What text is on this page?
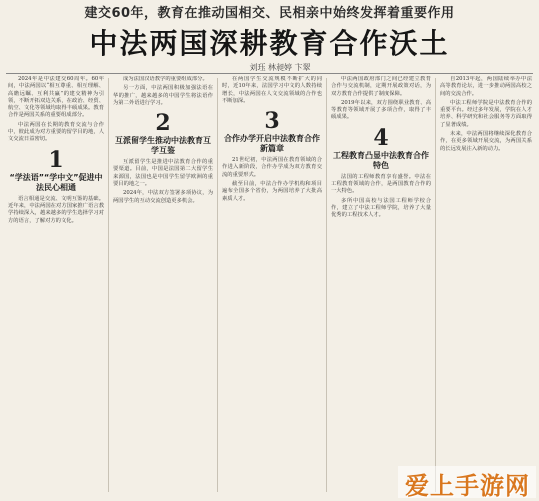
建交60年，教育在推动国相交、民相亲中始终发挥着重要作用
中法两国深耕教育合作沃土
刘珏 林昶婷 卞翠

2024年是中法建交60周年。60年间，中法两国以“相互尊重、相互理解、高瞻远瞩、互利共赢”的建交精神为引领，不断开拓双边关系，在政治、经贸、航空、文化等领域均取得丰硕成果。教育合作是两国关系的重要组成部分。

中法两国在长期的教育交流与合作中，彼此成为对方重要的留学目的地，人文交流日益密切。

1
“学法语”“学中文”促进中法民心相通

语言相通是交流、文明互鉴的基础。近年来，中法两国在对方国家推广语言教学持续深入，越来越多的学生选择学习对方的语言，了解对方的文化。

成为法国汉语教学的重要组成部分。

另一方面，中法两国积极加强法语在华的推广，越来越多的中国学生将法语作为第二外语进行学习。

2
互派留学生推动中法教育互学互鉴

互派留学生是推进中法教育合作的重要渠道。目前，中国是法国第二大留学生来源国，法国也是中国学生留学欧洲的重要目的地之一。

2024年，中法双方签署多项协议，为两国学生的互动交流创造更多机会。

在两国学生交流规模不断扩大的同时，近10年来，法国学习中文的人数持续增长，中法两国在人文交流领域的合作也不断加深。

3
合作办学开启中法教育合作新篇章

21世纪初，中法两国在教育领域的合作进入新阶段，合作办学成为双方教育交流的重要形式。

截至目前，中法合作办学机构和项目遍布全国多个省份，为两国培养了大批高素质人才。

中法两国政府部门之间已经建立教育合作与交流机制，定期开展政策对话，为双方教育合作提供了制度保障。

2019年以来，双方围绕职业教育、高等教育等领域开展了多项合作，取得了丰硕成果。

4
工程教育凸显中法教育合作特色

法国的工程师教育享有盛誉。中法在工程教育领域的合作，是两国教育合作的一大特色。

多所中国高校与法国工程师学校合作，建立了中法工程师学院，培养了大量优秀的工程技术人才。

自2013年起，两国陆续举办中法高等教育论坛，进一步推动两国高校之间的交流合作。

中法工程师学院是中法教育合作的重要平台。经过多年发展，学院在人才培养、科学研究和社会服务等方面取得了显著成绩。

未来，中法两国将继续深化教育合作，在更多领域开展交流，为两国关系的长远发展注入新的动力。

爱上手游网
